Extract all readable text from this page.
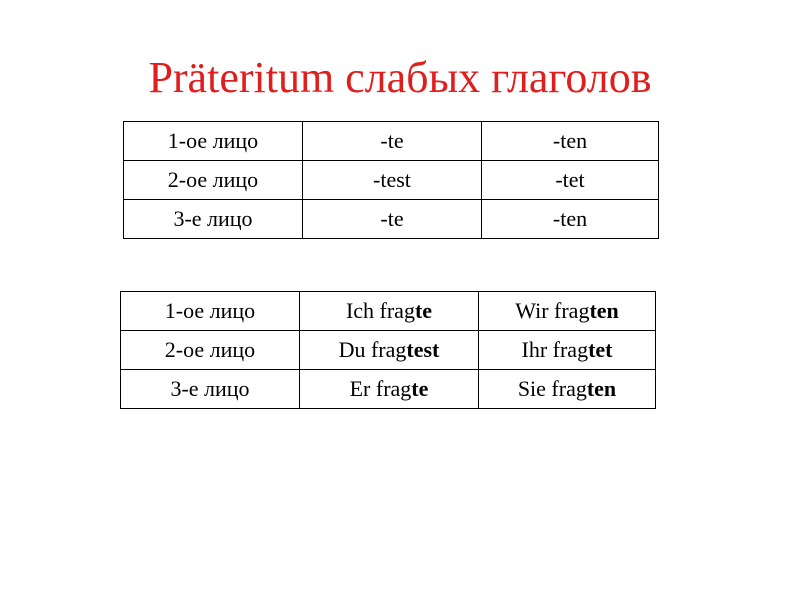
Präteritum слабых глаголов
1-ое лицо	-te	-ten
2-ое лицо	-test	-tet
3-е лицо	-te	-ten
1-ое лицо	Ich fragte	Wir fragten
2-ое лицо	Du fragtest	Ihr fragtet
3-е лицо	Er fragte	Sie fragten
